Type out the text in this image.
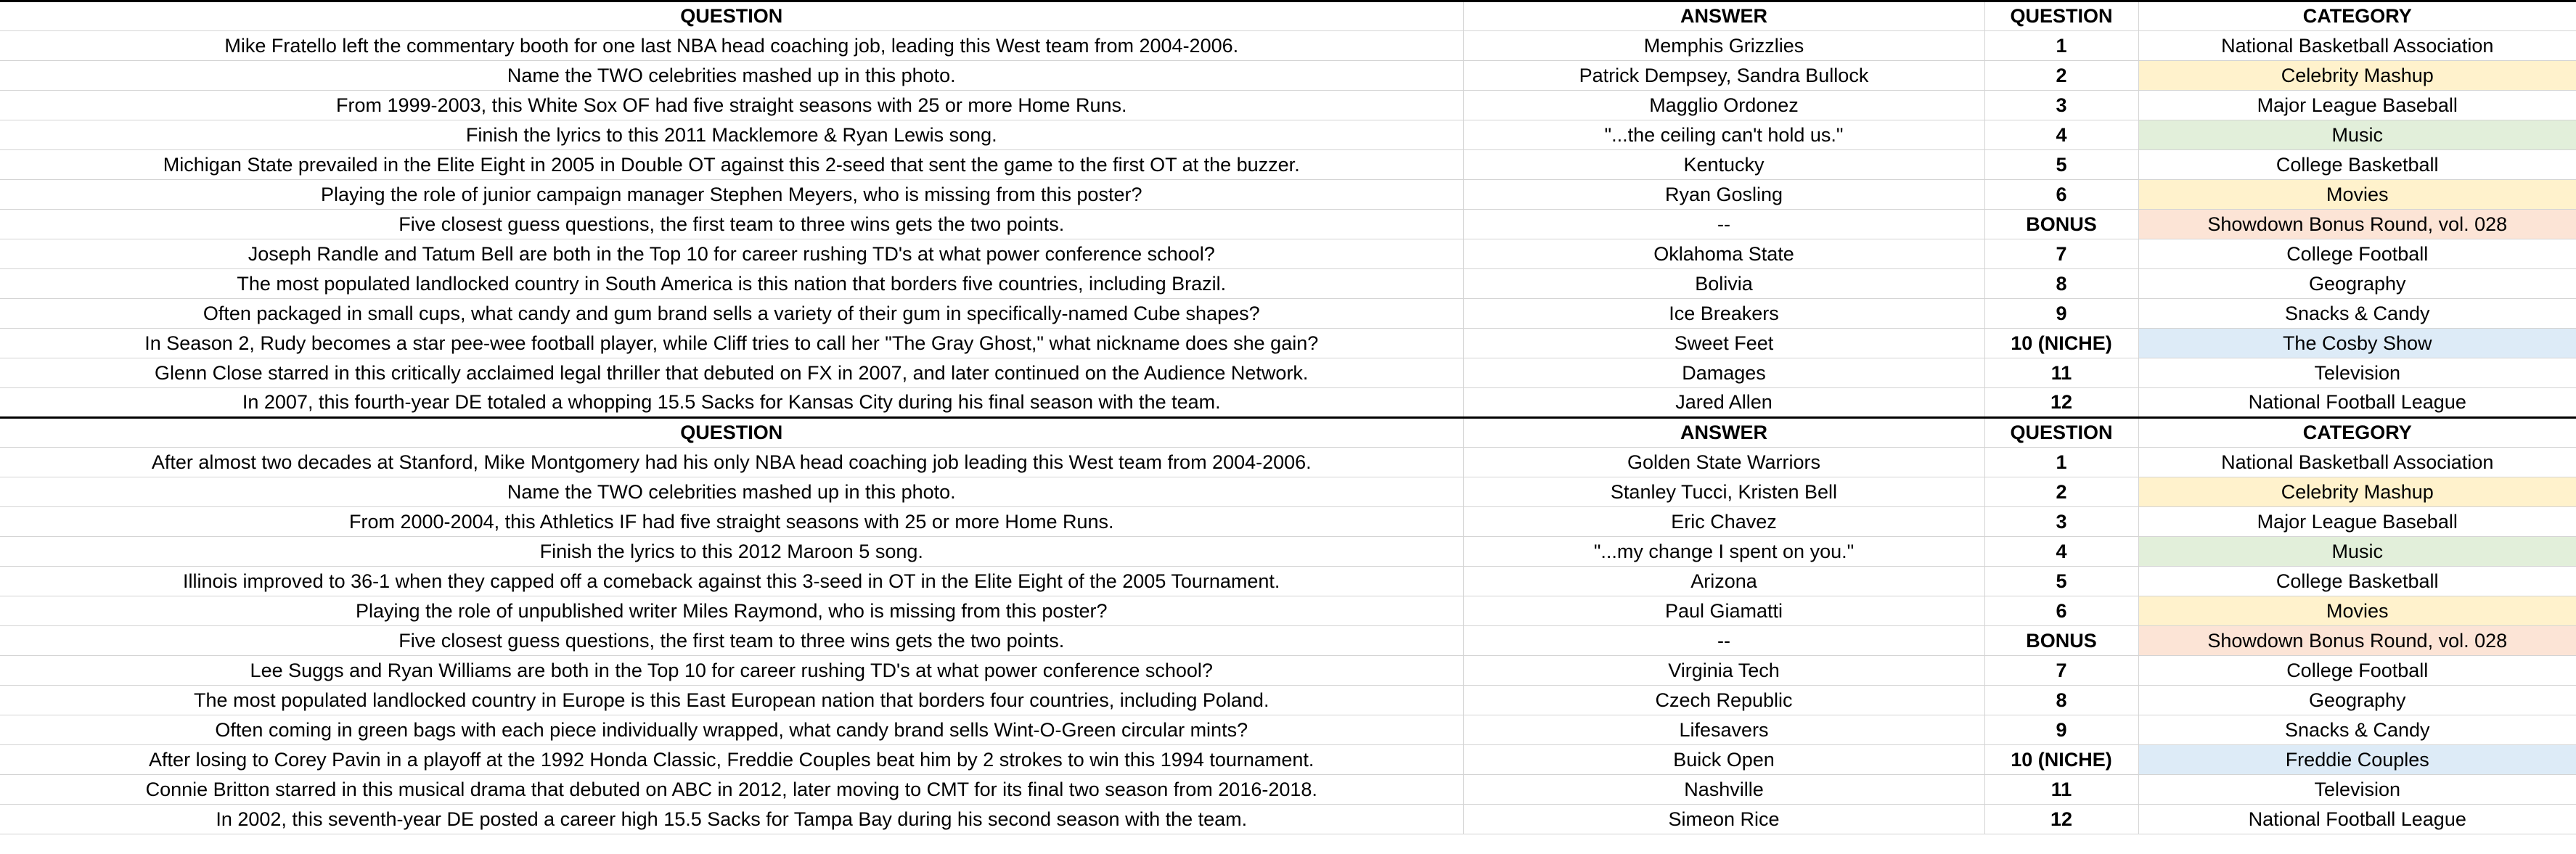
QUESTION	ANSWER	QUESTION	CATEGORY
Mike Fratello left the commentary booth for one last NBA head coaching job, leading this West team from 2004-2006.	Memphis Grizzlies	1	National Basketball Association
Name the TWO celebrities mashed up in this photo.	Patrick Dempsey, Sandra Bullock	2	Celebrity Mashup
From 1999-2003, this White Sox OF had five straight seasons with 25 or more Home Runs.	Magglio Ordonez	3	Major League Baseball
Finish the lyrics to this 2011 Macklemore & Ryan Lewis song.	"...the ceiling can't hold us."	4	Music
Michigan State prevailed in the Elite Eight in 2005 in Double OT against this 2-seed that sent the game to the first OT at the buzzer.	Kentucky	5	College Basketball
Playing the role of junior campaign manager Stephen Meyers, who is missing from this poster?	Ryan Gosling	6	Movies
Five closest guess questions, the first team to three wins gets the two points.	--	BONUS	Showdown Bonus Round, vol. 028
Joseph Randle and Tatum Bell are both in the Top 10 for career rushing TD's at what power conference school?	Oklahoma State	7	College Football
The most populated landlocked country in South America is this nation that borders five countries, including Brazil.	Bolivia	8	Geography
Often packaged in small cups, what candy and gum brand sells a variety of their gum in specifically-named Cube shapes?	Ice Breakers	9	Snacks & Candy
In Season 2, Rudy becomes a star pee-wee football player, while Cliff tries to call her "The Gray Ghost," what nickname does she gain?	Sweet Feet	10 (NICHE)	The Cosby Show
Glenn Close starred in this critically acclaimed legal thriller that debuted on FX in 2007, and later continued on the Audience Network.	Damages	11	Television
In 2007, this fourth-year DE totaled a whopping 15.5 Sacks for Kansas City during his final season with the team.	Jared Allen	12	National Football League
QUESTION	ANSWER	QUESTION	CATEGORY
After almost two decades at Stanford, Mike Montgomery had his only NBA head coaching job leading this West team from 2004-2006.	Golden State Warriors	1	National Basketball Association
Name the TWO celebrities mashed up in this photo.	Stanley Tucci, Kristen Bell	2	Celebrity Mashup
From 2000-2004, this Athletics IF had five straight seasons with 25 or more Home Runs.	Eric Chavez	3	Major League Baseball
Finish the lyrics to this 2012 Maroon 5 song.	"...my change I spent on you."	4	Music
Illinois improved to 36-1 when they capped off a comeback against this 3-seed in OT in the Elite Eight of the 2005 Tournament.	Arizona	5	College Basketball
Playing the role of unpublished writer Miles Raymond, who is missing from this poster?	Paul Giamatti	6	Movies
Five closest guess questions, the first team to three wins gets the two points.	--	BONUS	Showdown Bonus Round, vol. 028
Lee Suggs and Ryan Williams are both in the Top 10 for career rushing TD's at what power conference school?	Virginia Tech	7	College Football
The most populated landlocked country in Europe is this East European nation that borders four countries, including Poland.	Czech Republic	8	Geography
Often coming in green bags with each piece individually wrapped, what candy brand sells Wint-O-Green circular mints?	Lifesavers	9	Snacks & Candy
After losing to Corey Pavin in a playoff at the 1992 Honda Classic, Freddie Couples beat him by 2 strokes to win this 1994 tournament.	Buick Open	10 (NICHE)	Freddie Couples
Connie Britton starred in this musical drama that debuted on ABC in 2012, later moving to CMT for its final two season from 2016-2018.	Nashville	11	Television
In 2002, this seventh-year DE posted a career high 15.5 Sacks for Tampa Bay during his second season with the team.	Simeon Rice	12	National Football League
